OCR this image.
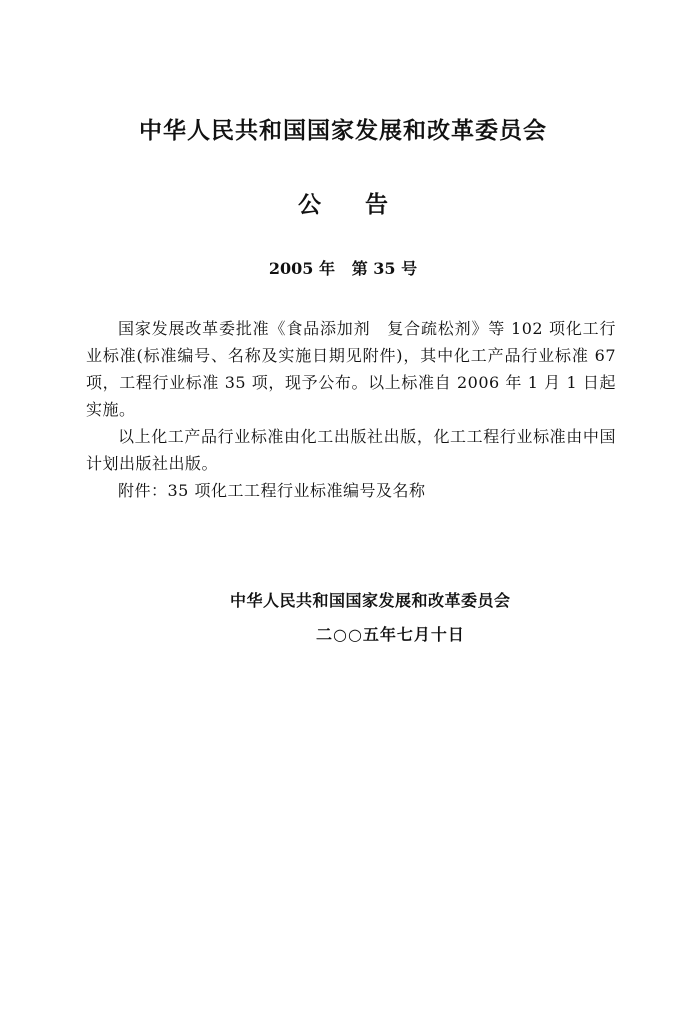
中华人民共和国国家发展和改革委员会
公告
2005 年   第 35 号

国家发展改革委批准《食品添加剂　复合疏松剂》等 102 项化工行业标准(标准编号、名称及实施日期见附件)，其中化工产品行业标准 67 项，工程行业标准 35 项，现予公布。以上标准自 2006 年 1 月 1 日起实施。

以上化工产品行业标准由化工出版社出版，化工工程行业标准由中国计划出版社出版。

附件：35 项化工工程行业标准编号及名称

中华人民共和国国家发展和改革委员会
二○○五年七月十日
